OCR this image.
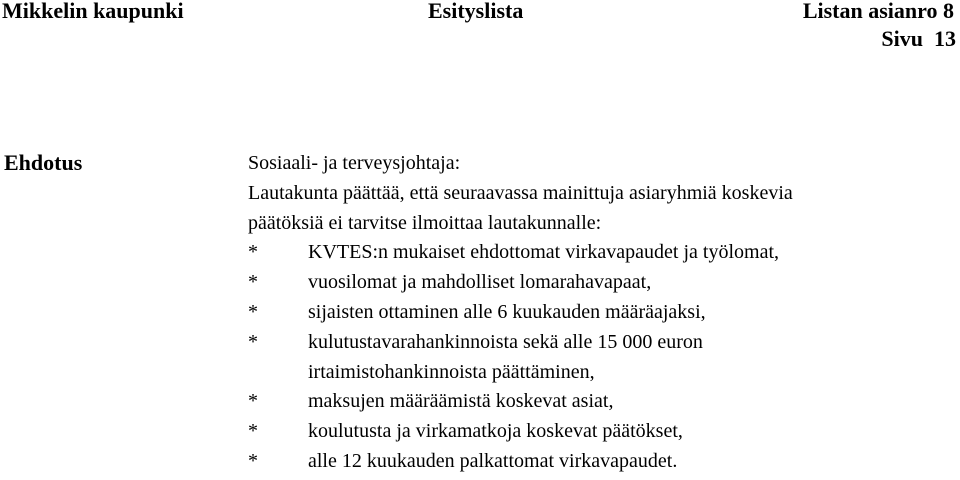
Mikkelin kaupunki	Esityslista	Listan asianro 8
Sivu  13
Ehdotus	Sosiaali- ja terveysjohtaja:
Lautakunta päättää, että seuraavassa mainittuja asiaryhmiä koskevia
päätöksiä ei tarvitse ilmoittaa lautakunnalle:
*	KVTES:n mukaiset ehdottomat virkavapaudet ja työlomat,
*	vuosilomat ja mahdolliset lomarahavapaat,
*	sijaisten ottaminen alle 6 kuukauden määräajaksi,
*	kulutustavarahankinnoista sekä alle 15 000 euron
irtaimistohankinnoista päättäminen,
*	maksujen määräämistä koskevat asiat,
*	koulutusta ja virkamatkoja koskevat päätökset,
*	alle 12 kuukauden palkattomat virkavapaudet.
